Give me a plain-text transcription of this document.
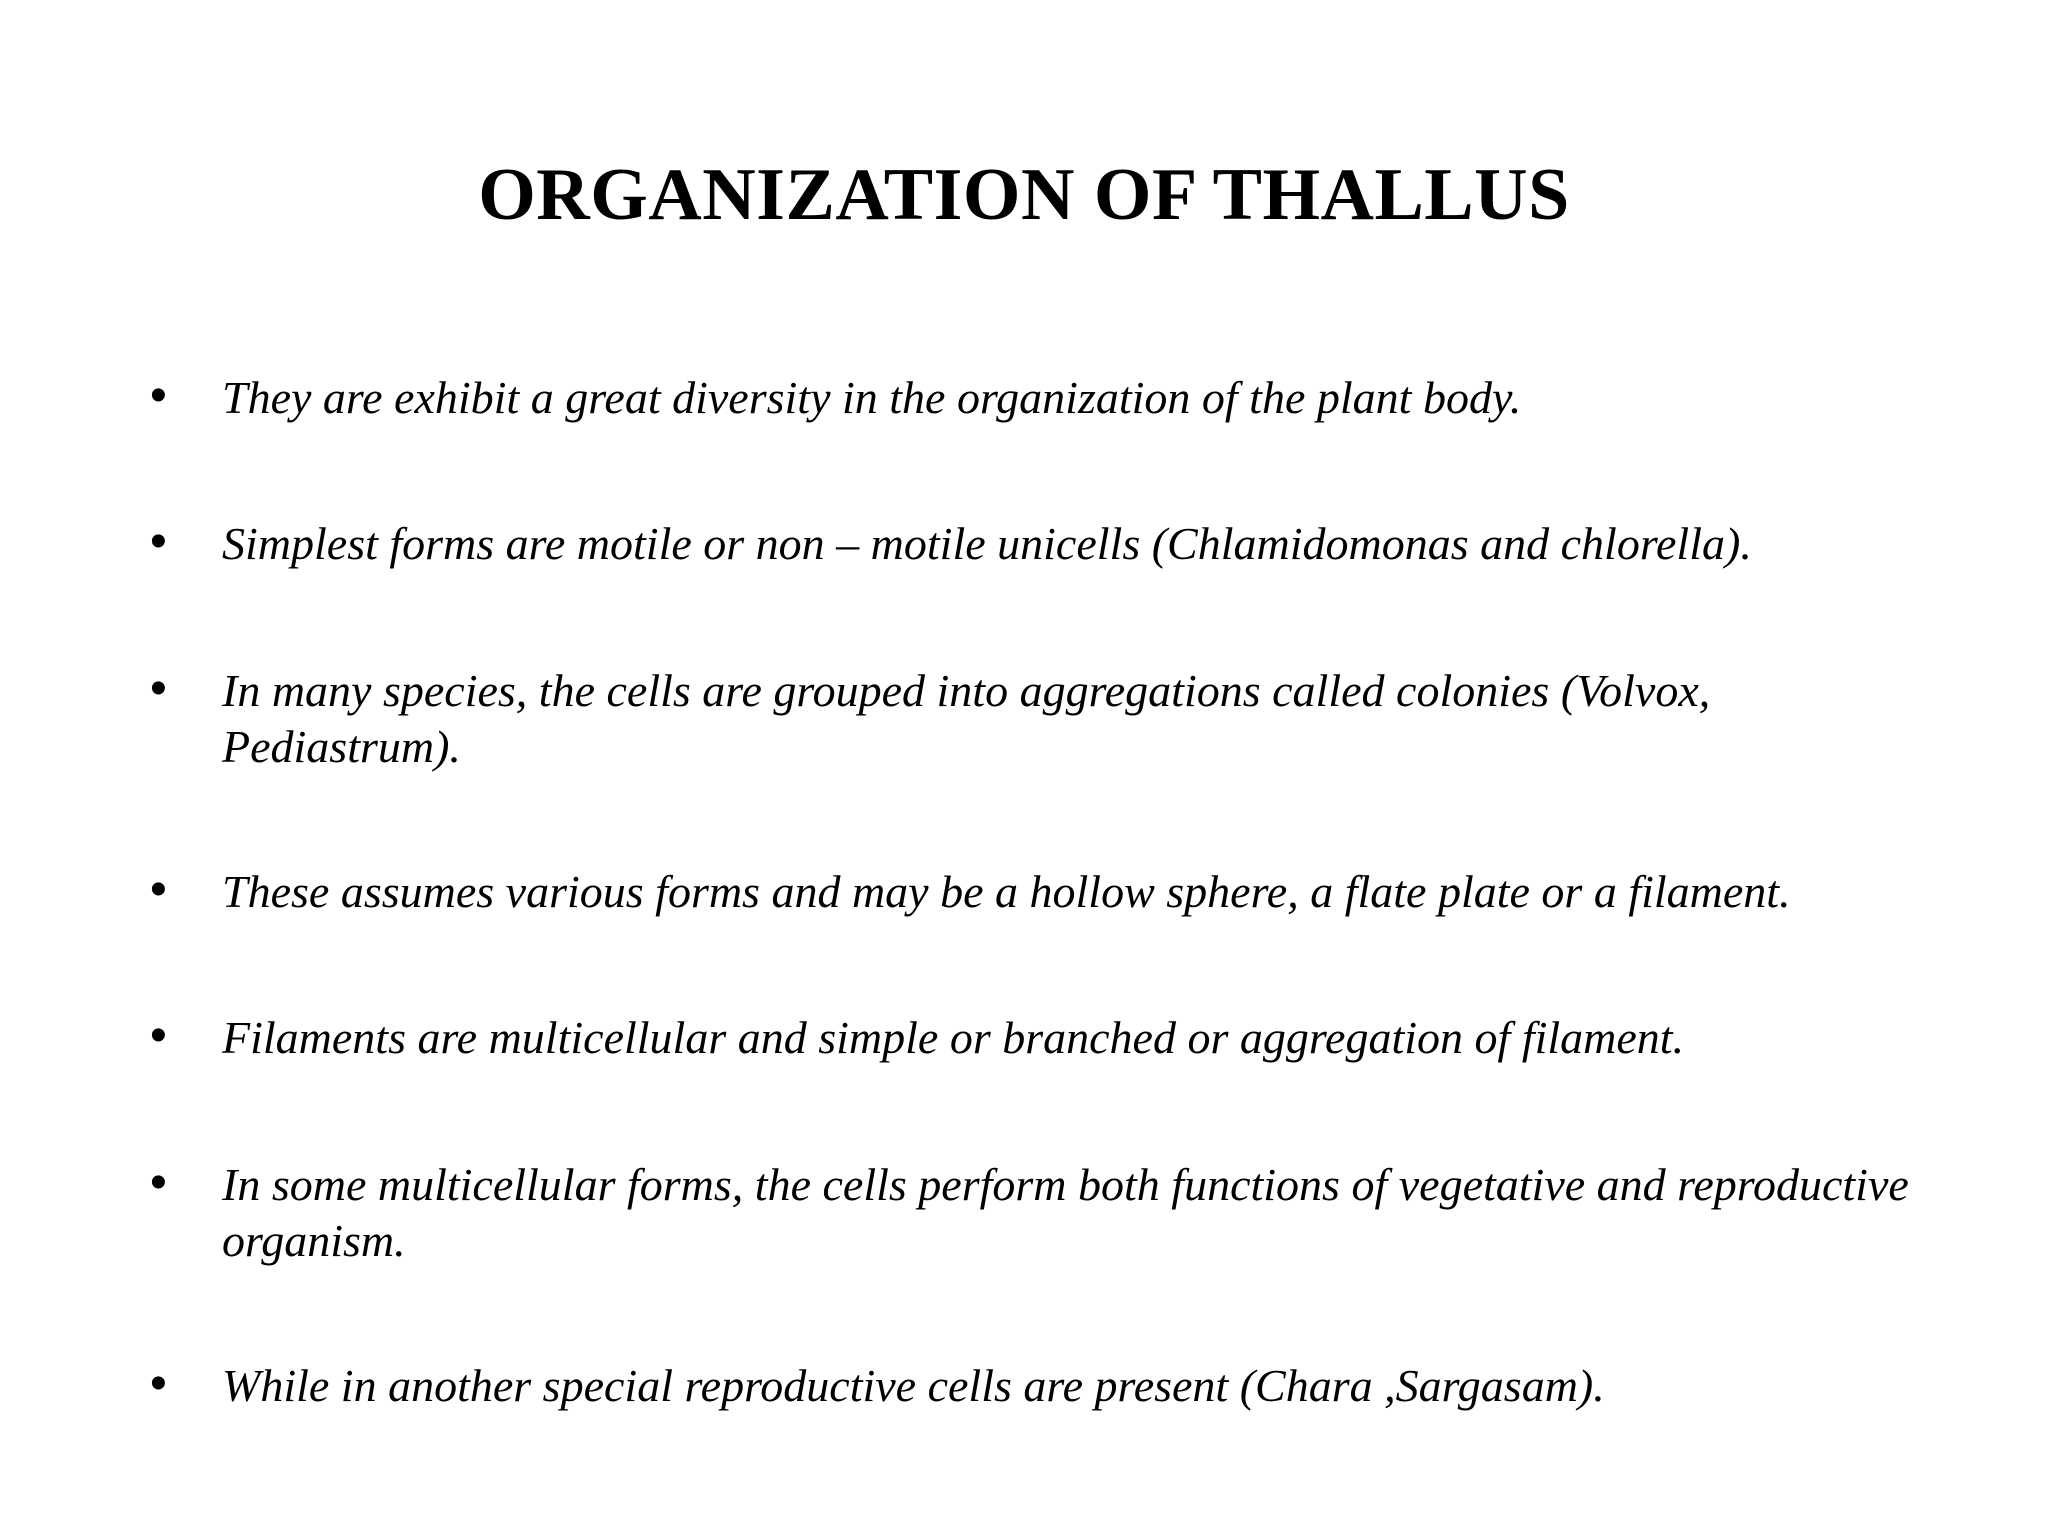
ORGANIZATION OF THALLUS
• They are exhibit a great diversity in the organization of the plant body.
• Simplest forms are motile or non – motile unicells (Chlamidomonas and chlorella).
• In many species, the cells are grouped into aggregations called colonies (Volvox, Pediastrum).
• These assumes various forms and may be a hollow sphere, a flate plate or a filament.
• Filaments are multicellular and simple or branched or aggregation of filament.
• In some multicellular forms, the cells perform both functions of vegetative and reproductive organism.
• While in another special reproductive cells are present (Chara ,Sargasam).
